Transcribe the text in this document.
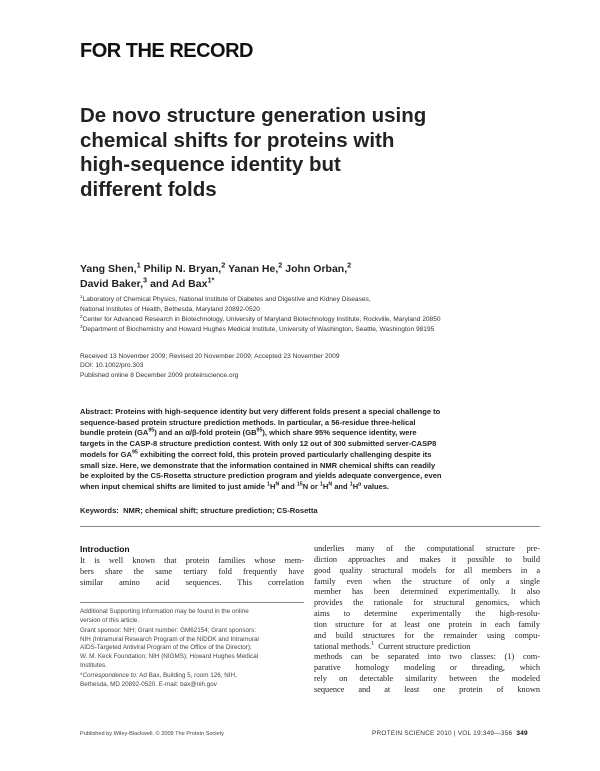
FOR THE RECORD
De novo structure generation using
chemical shifts for proteins with
high-sequence identity but
different folds
Yang Shen,$^1$ Philip N. Bryan,$^2$ Yanan He,$^2$ John Orban,$^2$
David Baker,$^3$ and Ad Bax$^{1*}$

$^1$Laboratory of Chemical Physics, National Institute of Diabetes and Digestive and Kidney Diseases,

National Institutes of Health, Bethesda, Maryland 20892-0520

$^2$Center for Advanced Research in Biotechnology, University of Maryland Biotechnology Institute, Rockville, Maryland 20850

$^3$Department of Biochemistry and Howard Hughes Medical Institute, University of Washington, Seattle, Washington 98195

Received 13 November 2009; Revised 20 November 2009; Accepted 23 November 2009
DOI: 10.1002/pro.303
Published online 8 December 2009 proteinscience.org
Abstract: Proteins with high-sequence identity but very different folds present a special challenge to
sequence-based protein structure prediction methods. In particular, a 56-residue three-helical
bundle protein (GA$^{95}$) and an α/β-fold protein (GB$^{95}$), which share 95% sequence identity, were
targets in the CASP-8 structure prediction contest. With only 12 out of 300 submitted server-CASP8
models for GA$^{95}$ exhibiting the correct fold, this protein proved particularly challenging despite its
small size. Here, we demonstrate that the information contained in NMR chemical shifts can readily
be exploited by the CS-Rosetta structure prediction program and yields adequate convergence, even
when input chemical shifts are limited to just amide $^1H^N$ and $^{15}$N or $^1H^N$ and $^1H^\alpha$ values.
Keywords: NMR; chemical shift; structure prediction; CS-Rosetta
Introduction
It is well known that protein families whose mem-
bers share the same tertiary fold frequently have
similar amino acid sequences. This correlation

Additional Supporting Information may be found in the online
version of this article.

Grant sponsor: NIH; Grant number: GM62154; Grant sponsors:
NIH (Intramural Research Program of the NIDDK and Intramural
AIDS-Targeted Antiviral Program of the Office of the Director);
W. M. Keck Foundation; NIH (NIGMS); Howard Hughes Medical
Institutes.

*Correspondence to: Ad Bax, Building 5, room 126, NIH,
Bethesda, MD 20892-0520. E-mail: bax@nih.gov

underlies many of the computational structure pre-
diction approaches and makes it possible to build
good quality structural models for all members in a
family even when the structure of only a single
member has been determined experimentally. It also
provides the rationale for structural genomics, which
aims to determine experimentally the high-resolu-
tion structure for at least one protein in each family
and build structures for the remainder using compu-
tational methods.$^1$  Current structure prediction
methods can be separated into two classes: (1) com-
parative homology modeling or threading, which
rely on detectable similarity between the modeled
sequence and at least one protein of known
Published by Wiley-Blackwell. © 2009 The Protein Society	PROTEIN SCIENCE 2010 | VOL 19:349—356 349
